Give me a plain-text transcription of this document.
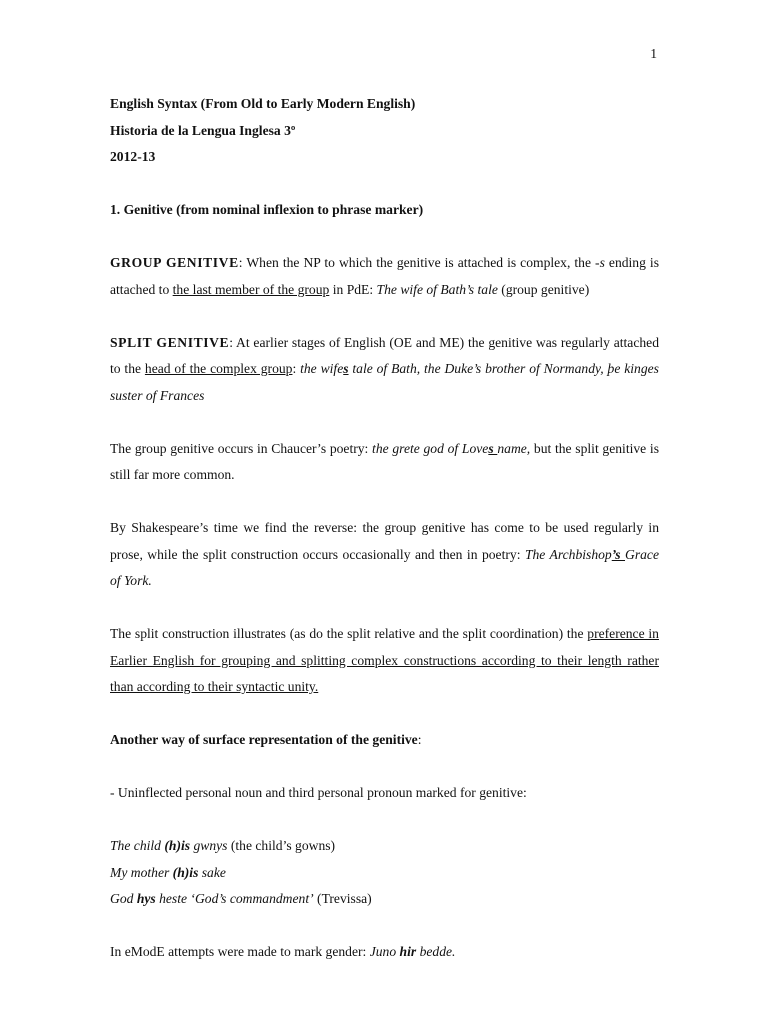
1
English Syntax (From Old to Early Modern English)
Historia de la Lengua Inglesa 3º
2012-13

1. Genitive (from nominal inflexion to phrase marker)

GROUP GENITIVE: When the NP to which the genitive is attached is complex, the -s ending is attached to the last member of the group in PdE: The wife of Bath’s tale (group genitive)

SPLIT GENITIVE: At earlier stages of English (OE and ME) the genitive was regularly attached to the head of the complex group: the wifes tale of Bath, the Duke’s brother of Normandy, þe kinges suster of Frances

The group genitive occurs in Chaucer’s poetry: the grete god of Loves name, but the split genitive is still far more common.

By Shakespeare’s time we find the reverse: the group genitive has come to be used regularly in prose, while the split construction occurs occasionally and then in poetry: The Archbishop’s Grace of York.

The split construction illustrates (as do the split relative and the split coordination) the preference in Earlier English for grouping and splitting complex constructions according to their length rather than according to their syntactic unity.

Another way of surface representation of the genitive:

- Uninflected personal noun and third personal pronoun marked for genitive:

The child (h)is gwnys (the child’s gowns)
My mother (h)is sake
God hys heste ‘God’s commandment’ (Trevissa)

In eModE attempts were made to mark gender: Juno hir bedde.
